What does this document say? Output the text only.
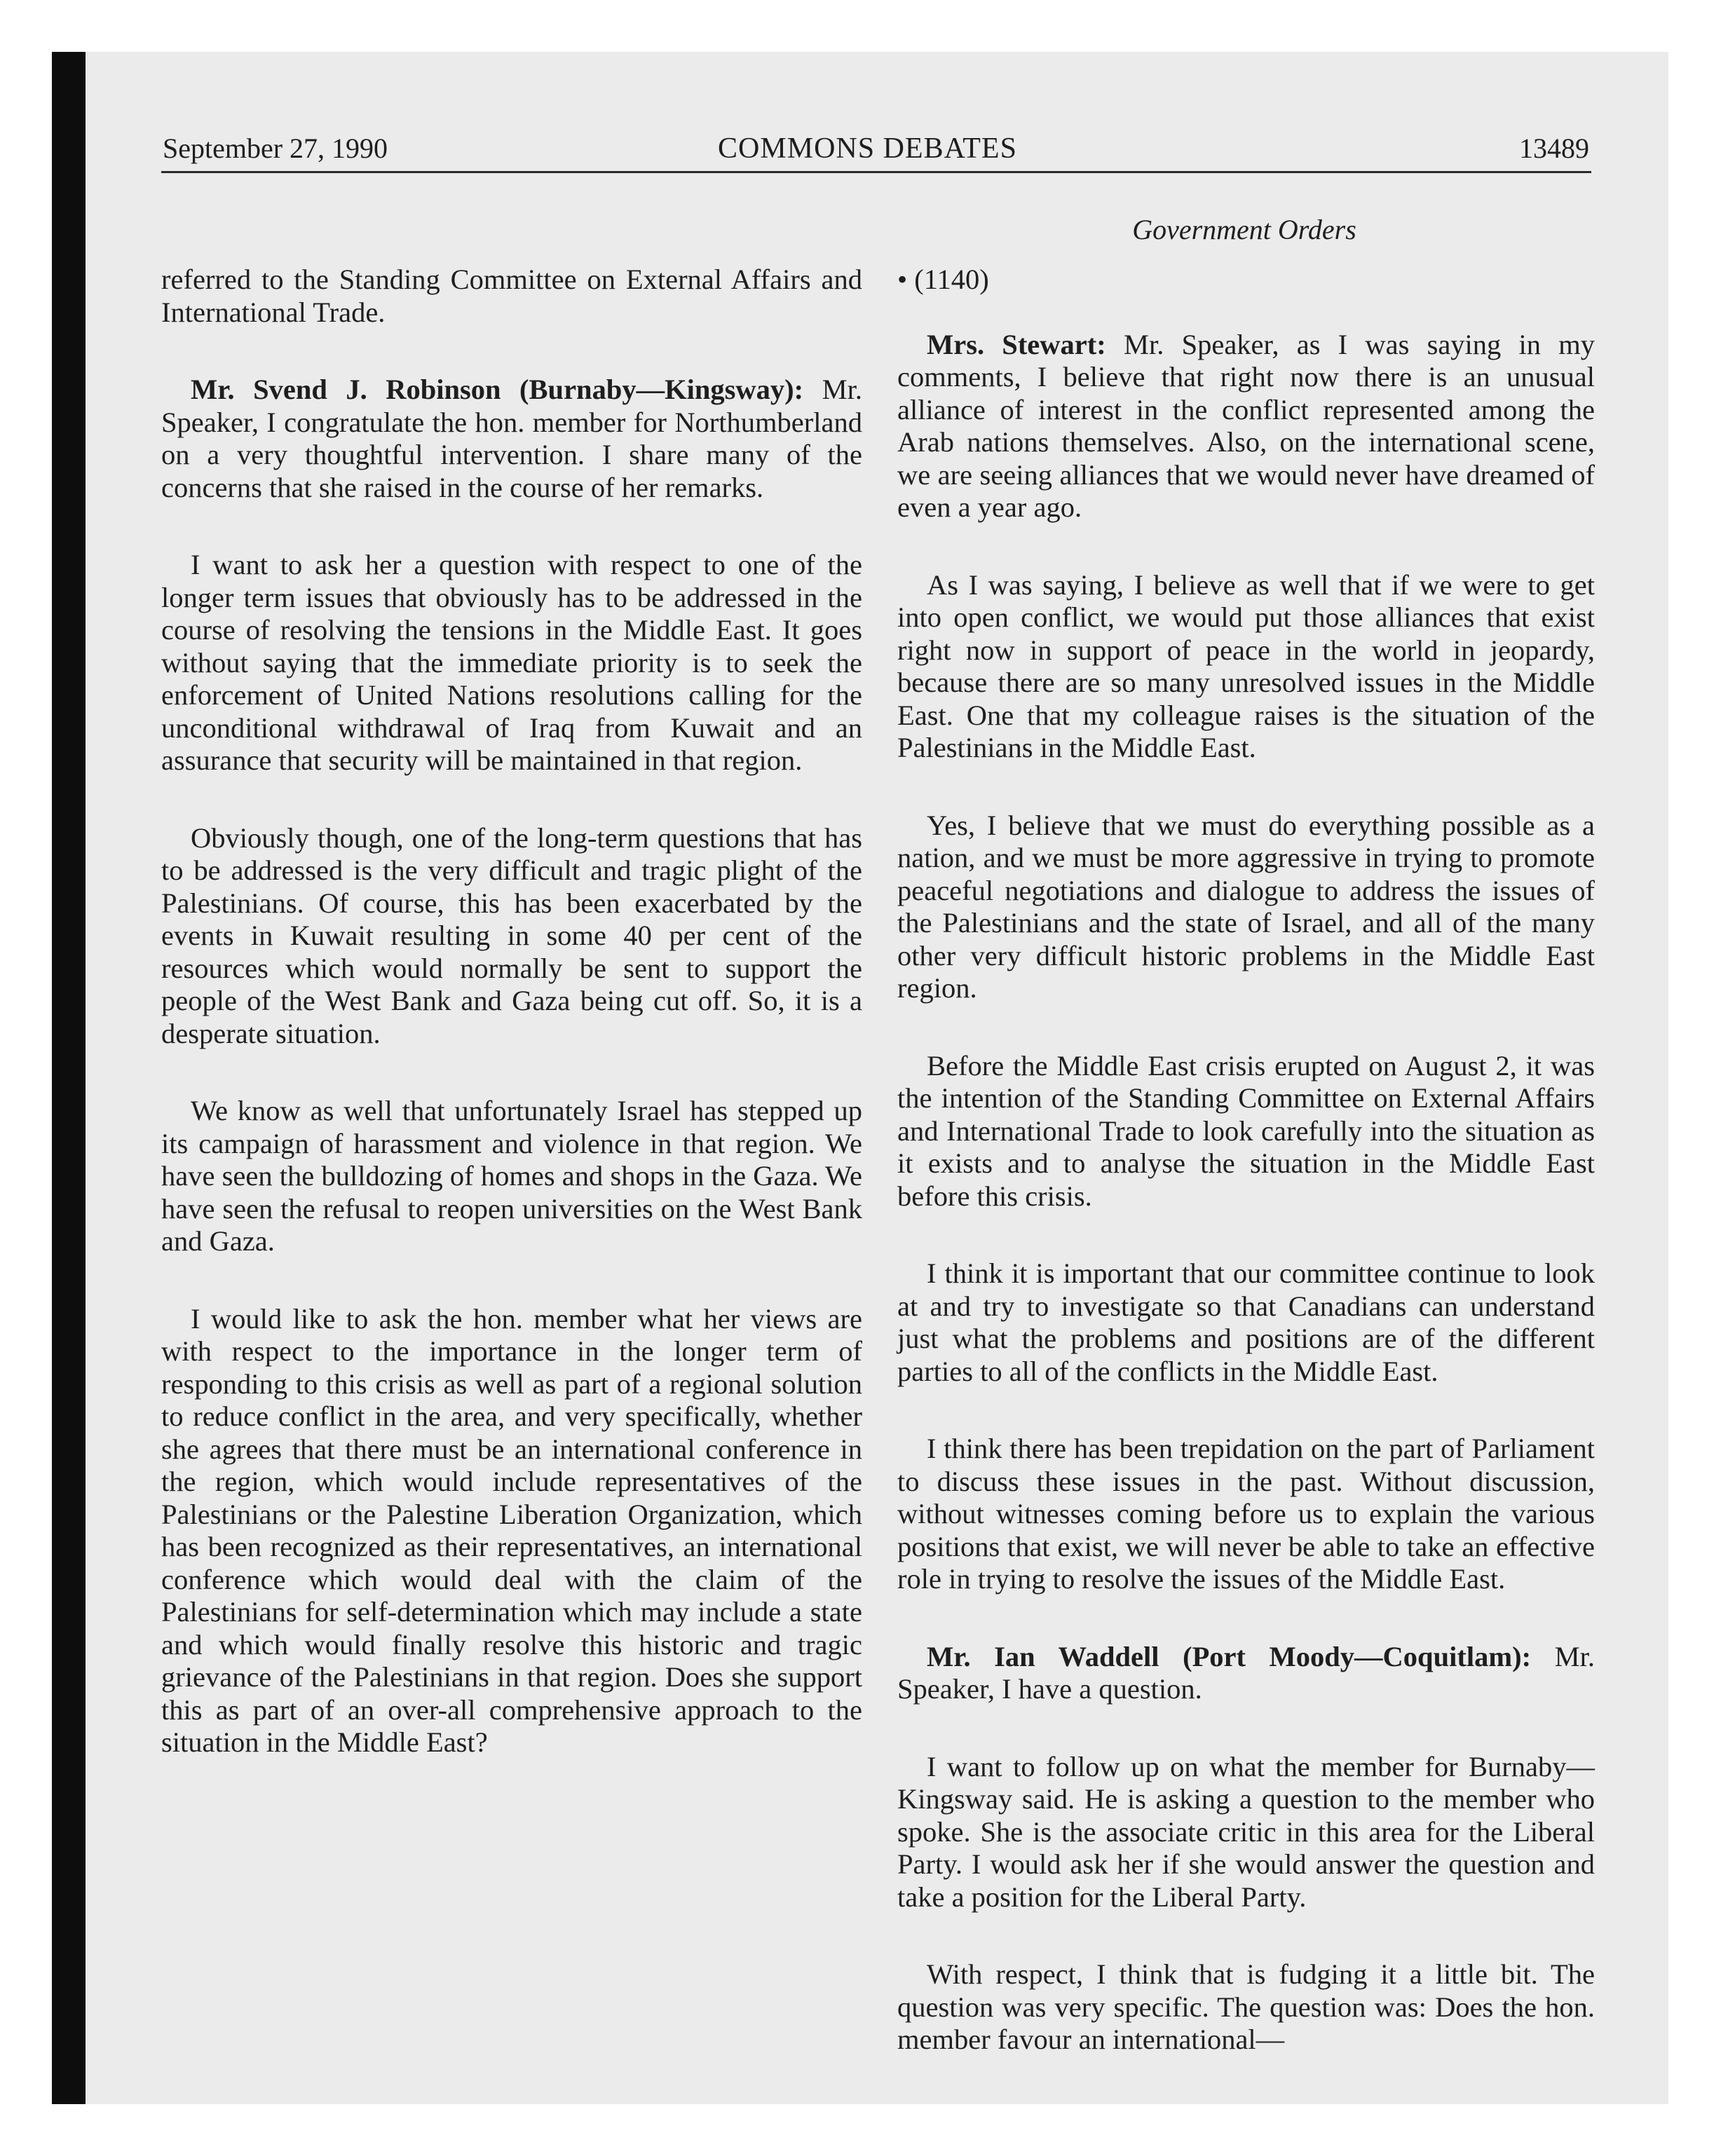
September 27, 1990	COMMONS DEBATES	13489
Government Orders

referred to the Standing Committee on External Affairs and International Trade.

Mr. Svend J. Robinson (Burnaby—Kingsway): Mr. Speaker, I congratulate the hon. member for Northumberland on a very thoughtful intervention. I share many of the concerns that she raised in the course of her remarks.

I want to ask her a question with respect to one of the longer term issues that obviously has to be addressed in the course of resolving the tensions in the Middle East. It goes without saying that the immediate priority is to seek the enforcement of United Nations resolutions calling for the unconditional withdrawal of Iraq from Kuwait and an assurance that security will be maintained in that region.

Obviously though, one of the long-term questions that has to be addressed is the very difficult and tragic plight of the Palestinians. Of course, this has been exacerbated by the events in Kuwait resulting in some 40 per cent of the resources which would normally be sent to support the people of the West Bank and Gaza being cut off. So, it is a desperate situation.

We know as well that unfortunately Israel has stepped up its campaign of harassment and violence in that region. We have seen the bulldozing of homes and shops in the Gaza. We have seen the refusal to reopen universities on the West Bank and Gaza.

I would like to ask the hon. member what her views are with respect to the importance in the longer term of responding to this crisis as well as part of a regional solution to reduce conflict in the area, and very specifically, whether she agrees that there must be an international conference in the region, which would include representatives of the Palestinians or the Palestine Liberation Organization, which has been recognized as their representatives, an international conference which would deal with the claim of the Palestinians for self-determination which may include a state and which would finally resolve this historic and tragic grievance of the Palestinians in that region. Does she support this as part of an over-all comprehensive approach to the situation in the Middle East?

• (1140)

Mrs. Stewart: Mr. Speaker, as I was saying in my comments, I believe that right now there is an unusual alliance of interest in the conflict represented among the Arab nations themselves. Also, on the international scene, we are seeing alliances that we would never have dreamed of even a year ago.

As I was saying, I believe as well that if we were to get into open conflict, we would put those alliances that exist right now in support of peace in the world in jeopardy, because there are so many unresolved issues in the Middle East. One that my colleague raises is the situation of the Palestinians in the Middle East.

Yes, I believe that we must do everything possible as a nation, and we must be more aggressive in trying to promote peaceful negotiations and dialogue to address the issues of the Palestinians and the state of Israel, and all of the many other very difficult historic problems in the Middle East region.

Before the Middle East crisis erupted on August 2, it was the intention of the Standing Committee on External Affairs and International Trade to look carefully into the situation as it exists and to analyse the situation in the Middle East before this crisis.

I think it is important that our committee continue to look at and try to investigate so that Canadians can understand just what the problems and positions are of the different parties to all of the conflicts in the Middle East.

I think there has been trepidation on the part of Parliament to discuss these issues in the past. Without discussion, without witnesses coming before us to explain the various positions that exist, we will never be able to take an effective role in trying to resolve the issues of the Middle East.

Mr. Ian Waddell (Port Moody—Coquitlam): Mr. Speaker, I have a question.

I want to follow up on what the member for Burnaby—Kingsway said. He is asking a question to the member who spoke. She is the associate critic in this area for the Liberal Party. I would ask her if she would answer the question and take a position for the Liberal Party.

With respect, I think that is fudging it a little bit. The question was very specific. The question was: Does the hon. member favour an international—
